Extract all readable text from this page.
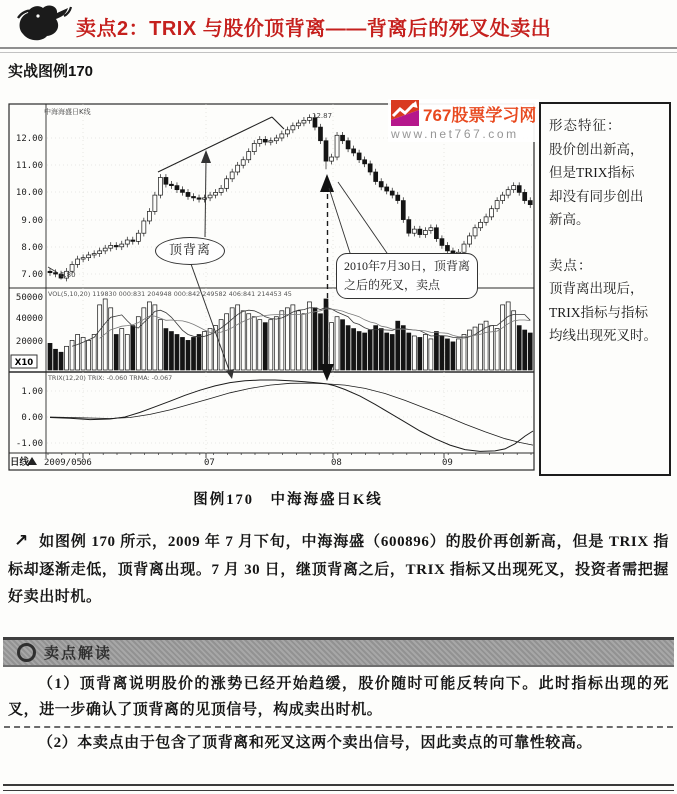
卖点2：TRIX 与股价顶背离——背离后的死叉处卖出
实战图例170
12.00
11.00
10.00
9.00
8.00
7.00
50000
40000
20000
1.00
0.00
-1.00
2009/05 06	07	08	09
中海海盛日K线
VOL(5,10,20) 119830 000:831 204948 000:842 249582 406:841 214453 45
TRIX(12,20) TRIX: -0.060 TRMA: -0.067
12.87
6.80
X10
日线
767股票学习网
www.net767.com
顶背离
2010年7月30日，顶背离之后的死叉，卖点
形态特征：
股价创出新高，
但是TRIX指标
却没有同步创出
新高。
卖点：
顶背离出现后，
TRIX指标与指标
均线出现死叉时。
图例170　中海海盛日K线
↗ 如图例 170 所示，2009 年 7 月下旬，中海海盛（600896）的股价再创新高，但是 TRIX 指标却逐渐走低，顶背离出现。7 月 30 日，继顶背离之后，TRIX 指标又出现死叉，投资者需把握好卖出时机。
卖点解读
（1）顶背离说明股价的涨势已经开始趋缓，股价随时可能反转向下。此时指标出现的死叉，进一步确认了顶背离的见顶信号，构成卖出时机。
（2）本卖点由于包含了顶背离和死叉这两个卖出信号，因此卖点的可靠性较高。
